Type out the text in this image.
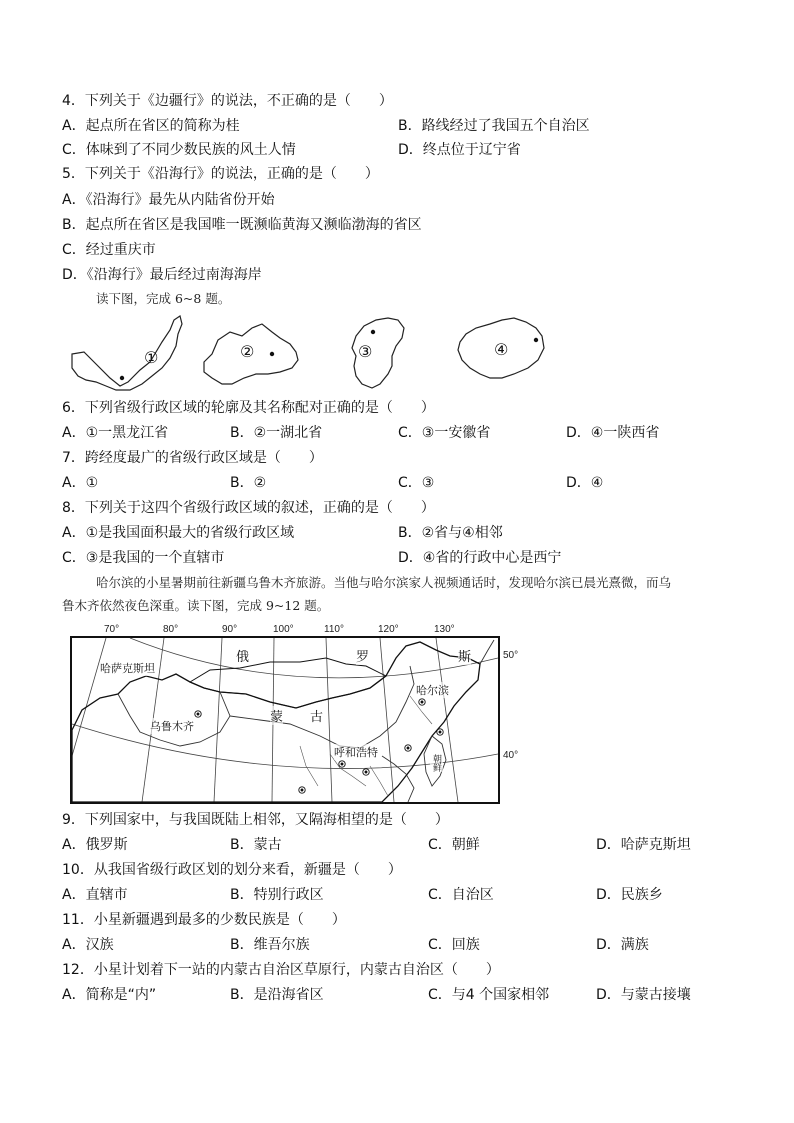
4．下列关于《边疆行》的说法，不正确的是（　　）
A．起点所在省区的简称为桂	B．路线经过了我国五个自治区
C．体味到了不同少数民族的风土人情	D．终点位于辽宁省
5．下列关于《沿海行》的说法，正确的是（　　）
A．《沿海行》最先从内陆省份开始
B．起点所在省区是我国唯一既濒临黄海又濒临渤海的省区
C．经过重庆市
D．《沿海行》最后经过南海海岸
读下图，完成 6~8 题。
①	②	③	④
6．下列省级行政区域的轮廓及其名称配对正确的是（　　）
A．①一黑龙江省	B．②一湖北省	C．③一安徽省	D．④一陕西省
7．跨经度最广的省级行政区域是（　　）
A．①	B．②	C．③	D．④
8．下列关于这四个省级行政区域的叙述，正确的是（　　）
A．①是我国面积最大的省级行政区域	B．②省与④相邻
C．③是我国的一个直辖市	D．④省的行政中心是西宁
哈尔滨的小星暑期前往新疆乌鲁木齐旅游。当他与哈尔滨家人视频通话时，发现哈尔滨已晨光熹微，而乌
鲁木齐依然夜色深重。读下图，完成 9~12 题。
70°	80°	90°	100°	110°	120°	130°
哈萨克斯坦
俄	罗	斯
蒙 古
乌鲁木齐
哈尔滨
呼和浩特
朝鲜
50°
40°
9．下列国家中，与我国既陆上相邻，又隔海相望的是（　　）
A．俄罗斯	B．蒙古	C．朝鲜	D．哈萨克斯坦
10．从我国省级行政区划的划分来看，新疆是（　　）
A．直辖市	B．特别行政区	C．自治区	D．民族乡
11．小星新疆遇到最多的少数民族是（　　）
A．汉族	B．维吾尔族	C．回族	D．满族
12．小星计划着下一站的内蒙古自治区草原行，内蒙古自治区（　　）
A．简称是“内”	B．是沿海省区	C．与4 个国家相邻	D．与蒙古接壤
